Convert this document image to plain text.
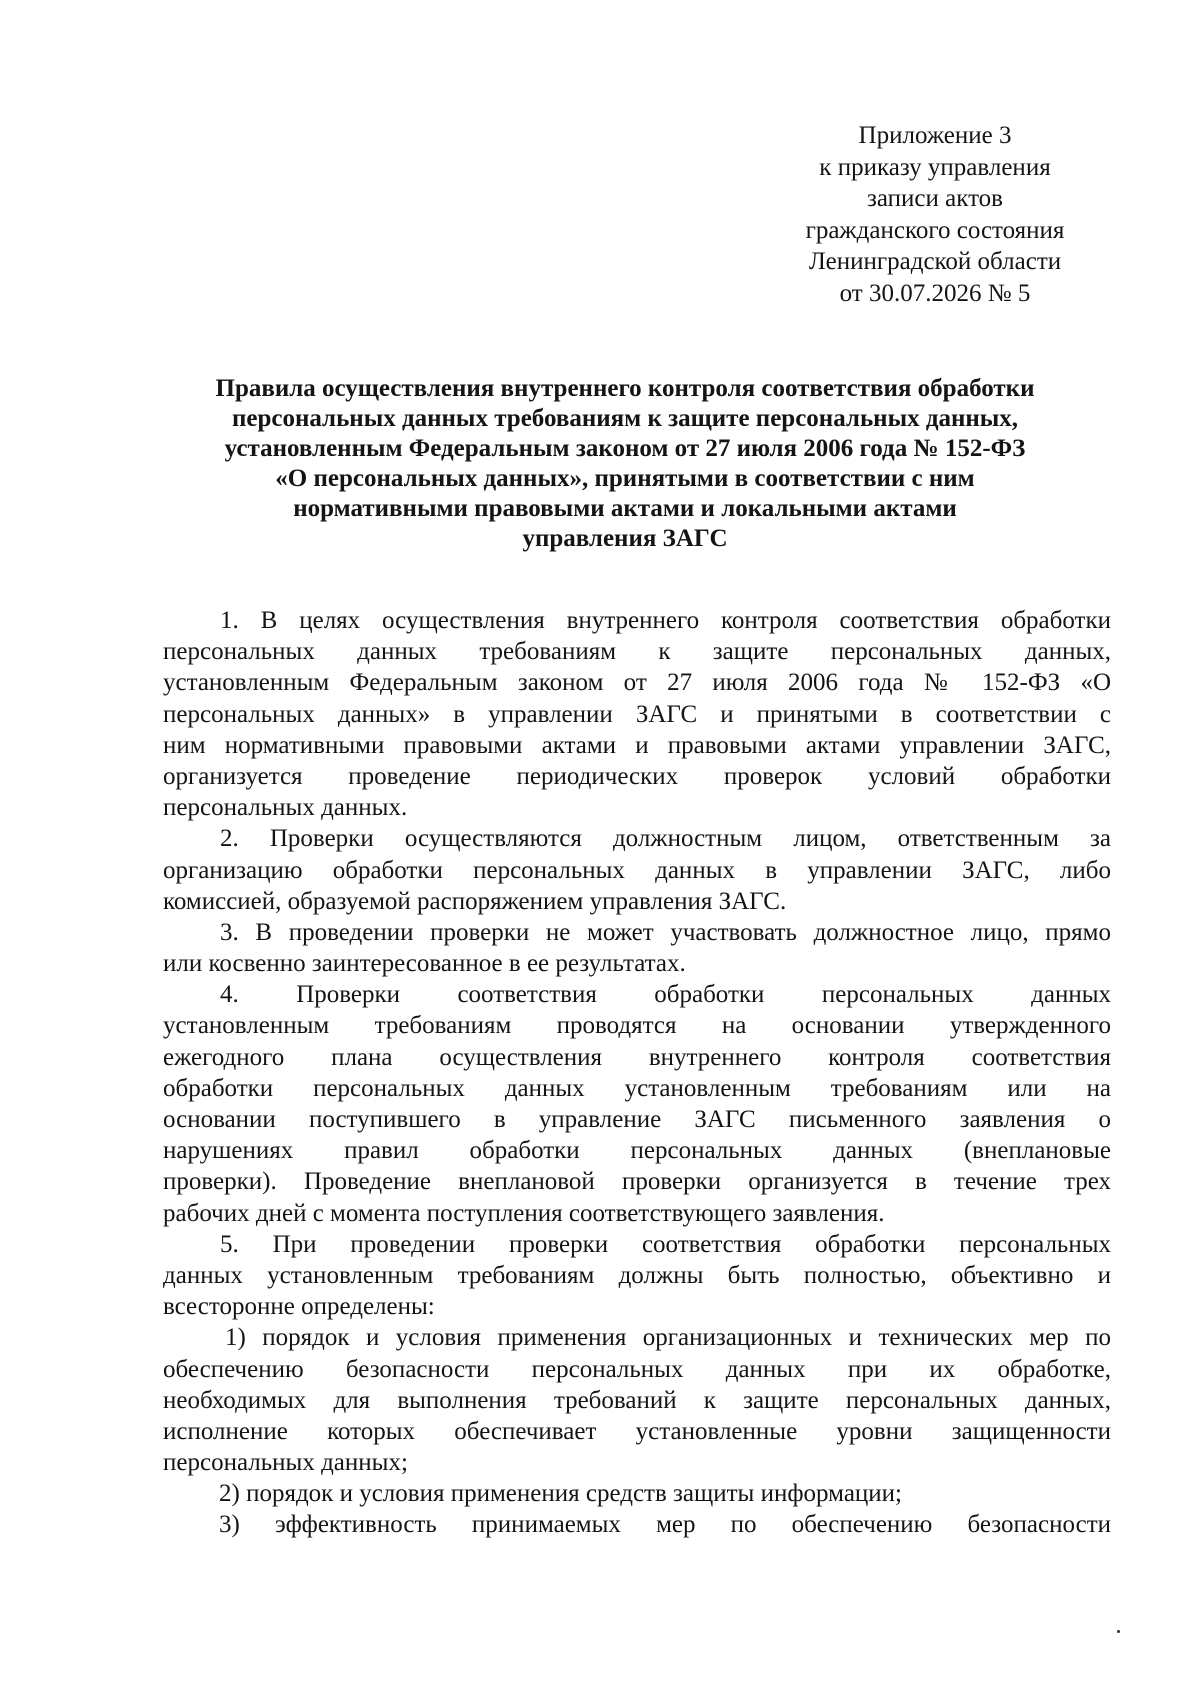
Приложение 3
к приказу управления
записи актов
гражданского состояния
Ленинградской области
от 30.07.2026 № 5
Правила осуществления внутреннего контроля соответствия обработки
персональных данных требованиям к защите персональных данных,
установленным Федеральным законом от 27 июля 2006 года № 152-ФЗ
«О персональных данных», принятыми в соответствии с ним
нормативными правовыми актами и локальными актами
управления ЗАГС
1. В целях осуществления внутреннего контроля соответствия обработки
персональных данных требованиям к защите персональных данных,
установленным Федеральным законом от 27 июля 2006 года № 152-ФЗ «О
персональных данных» в управлении ЗАГС и принятыми в соответствии с
ним нормативными правовыми актами и правовыми актами управлении ЗАГС,
организуется проведение периодических проверок условий обработки
персональных данных.
2. Проверки осуществляются должностным лицом, ответственным за
организацию обработки персональных данных в управлении ЗАГС, либо
комиссией, образуемой распоряжением управления ЗАГС.
3. В проведении проверки не может участвовать должностное лицо, прямо
или косвенно заинтересованное в ее результатах.
4. Проверки соответствия обработки персональных данных
установленным требованиям проводятся на основании утвержденного
ежегодного плана осуществления внутреннего контроля соответствия
обработки персональных данных установленным требованиям или на
основании поступившего в управление ЗАГС письменного заявления о
нарушениях правил обработки персональных данных (внеплановые
проверки). Проведение внеплановой проверки организуется в течение трех
рабочих дней с момента поступления соответствующего заявления.
5. При проведении проверки соответствия обработки персональных
данных установленным требованиям должны быть полностью, объективно и
всесторонне определены:
1) порядок и условия применения организационных и технических мер по
обеспечению безопасности персональных данных при их обработке,
необходимых для выполнения требований к защите персональных данных,
исполнение которых обеспечивает установленные уровни защищенности
персональных данных;
2) порядок и условия применения средств защиты информации;
3) эффективность принимаемых мер по обеспечению безопасности
